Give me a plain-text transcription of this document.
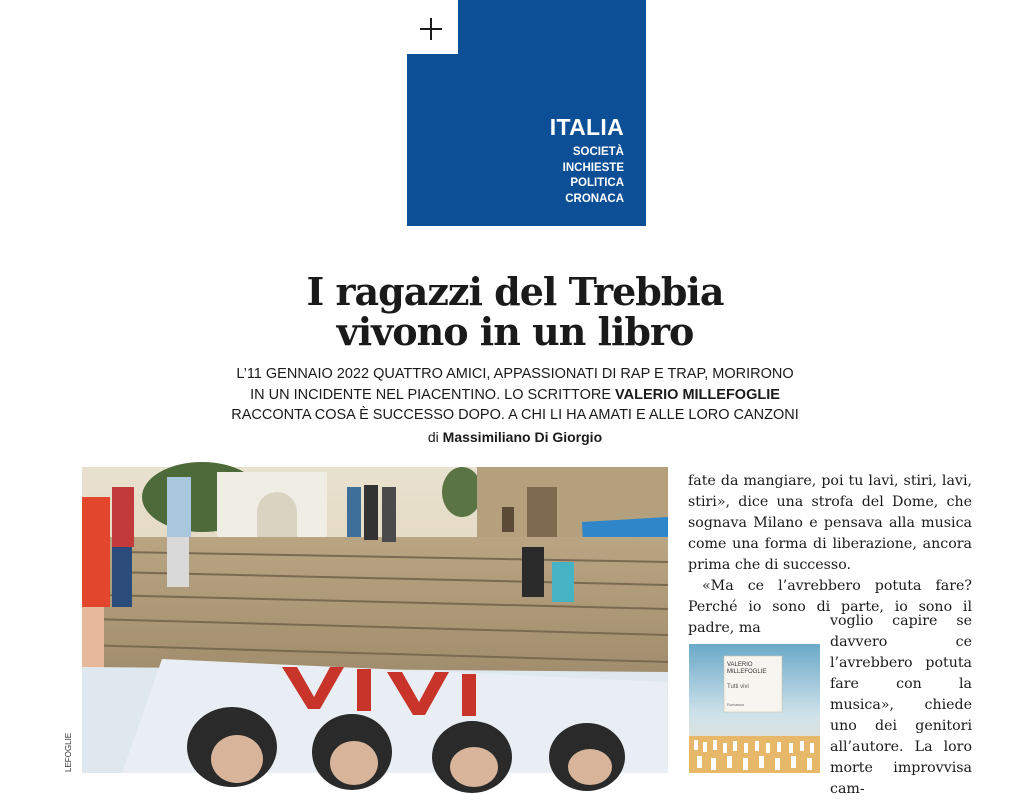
ITALIA
SOCIETÀ
INCHIESTE
POLITICA
CRONACA
I ragazzi del Trebbia
vivono in un libro
L’11 GENNAIO 2022 QUATTRO AMICI, APPASSIONATI DI RAP E TRAP, MORIRONO
IN UN INCIDENTE NEL PIACENTINO. LO SCRITTORE VALERIO MILLEFOGLIE
RACCONTA COSA È SUCCESSO DOPO. A CHI LI HA AMATI E ALLE LORO CANZONI
di Massimiliano Di Giorgio
LEFOGLIE

fate da mangiare, poi tu lavi, stiri, lavi, stiri», dice una strofa del Dome, che sognava Milano e pensava alla musica come una forma di liberazione, ancora prima che di successo.

«Ma ce l’avrebbero potuta fare? Perché io sono di parte, io sono il padre, ma	voglio capire se davvero ce l’avrebbero potuta fare con la musica», chiede uno dei genitori all’autore. La loro morte improvvisa cam-
VALERIO MILLEFOGLIE
Tutti vivi
Romanzo
